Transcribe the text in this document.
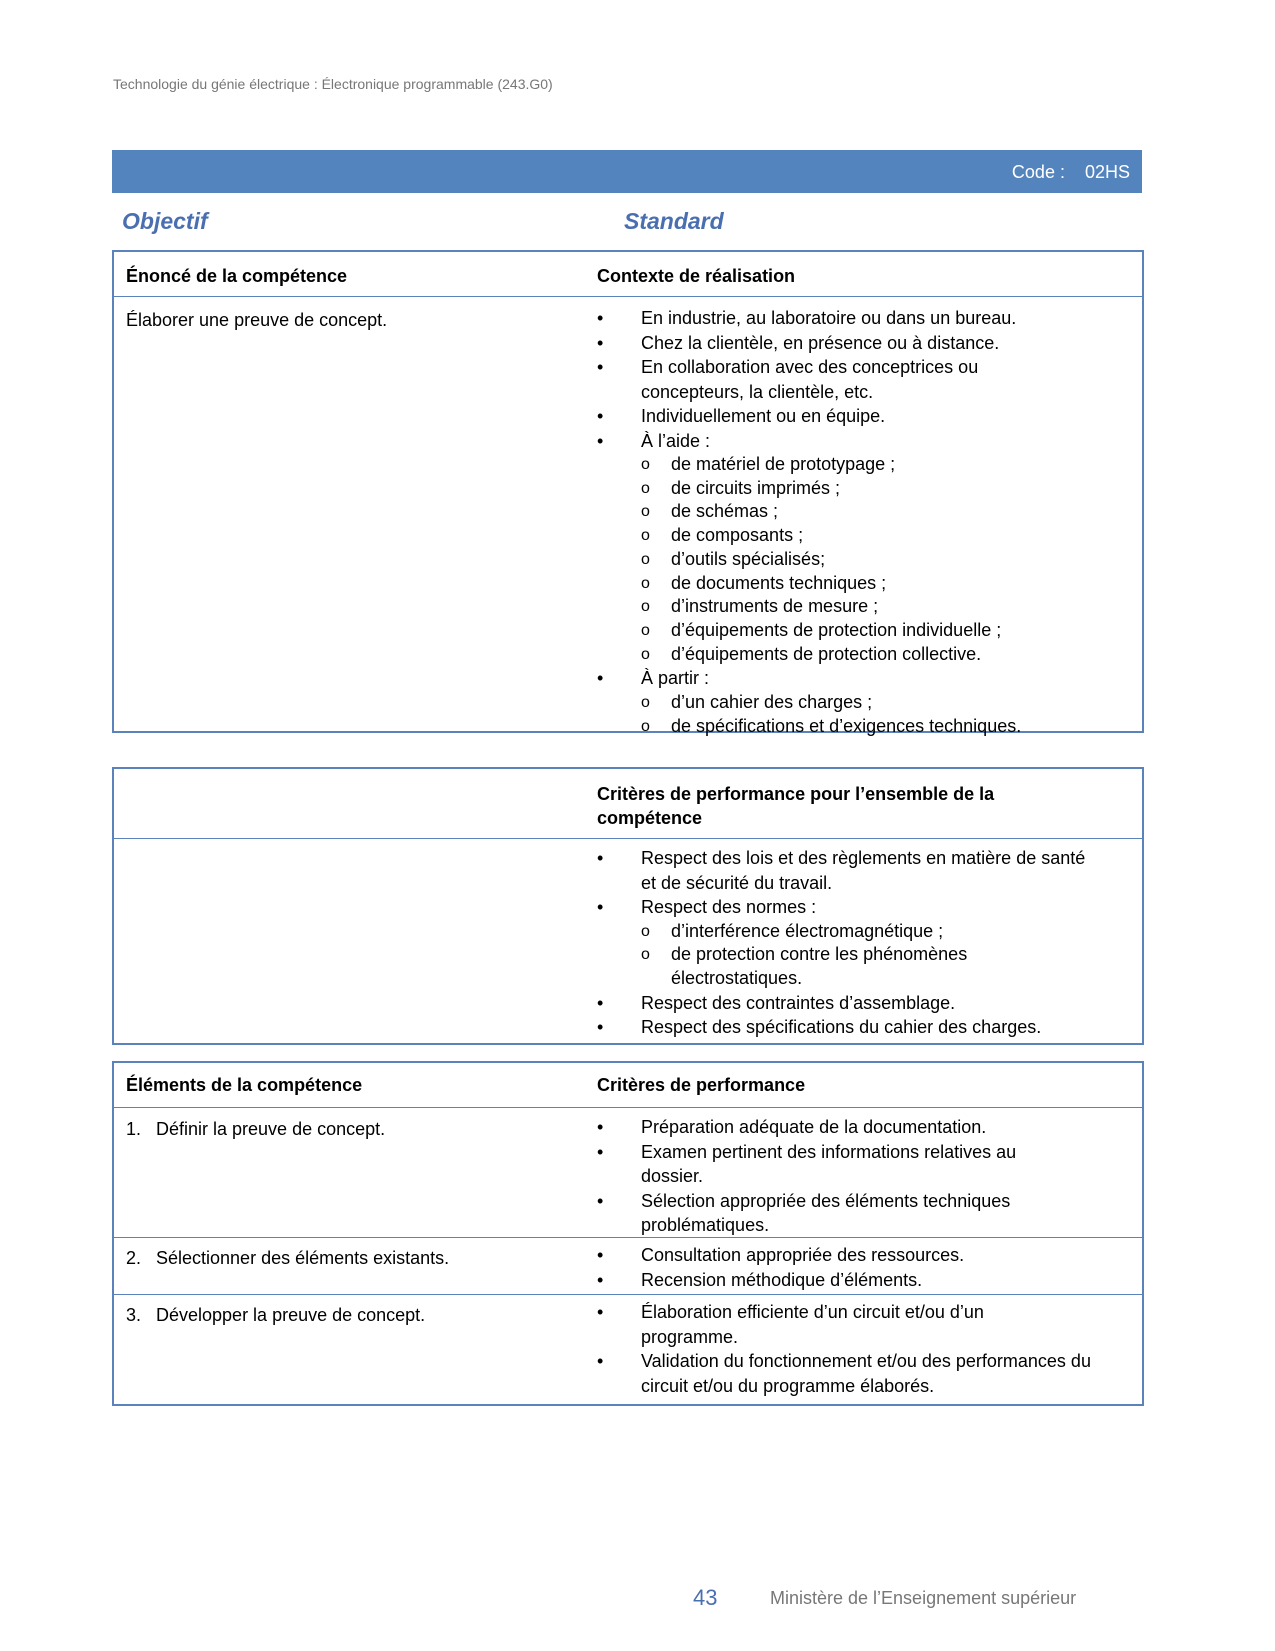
Technologie du génie électrique : Électronique programmable (243.G0)
Code : 02HS
Objectif	Standard
Énoncé de la compétence	Contexte de réalisation
Élaborer une preuve de concept.	• En industrie, au laboratoire ou dans un bureau.
• Chez la clientèle, en présence ou à distance.
• En collaboration avec des conceptrices ou concepteurs, la clientèle, etc.
• Individuellement ou en équipe.
• À l’aide :
o de matériel de prototypage ;
o de circuits imprimés ;
o de schémas ;
o de composants ;
o d’outils spécialisés;
o de documents techniques ;
o d’instruments de mesure ;
o d’équipements de protection individuelle ;
o d’équipements de protection collective.
• À partir :
o d’un cahier des charges ;
o de spécifications et d’exigences techniques.
Critères de performance pour l’ensemble de la compétence
• Respect des lois et des règlements en matière de santé et de sécurité du travail.
• Respect des normes :
o d’interférence électromagnétique ;
o de protection contre les phénomènes électrostatiques.
• Respect des contraintes d’assemblage.
• Respect des spécifications du cahier des charges.
Éléments de la compétence	Critères de performance
1. Définir la preuve de concept.	• Préparation adéquate de la documentation.
• Examen pertinent des informations relatives au dossier.
• Sélection appropriée des éléments techniques problématiques.
2. Sélectionner des éléments existants.	• Consultation appropriée des ressources.
• Recension méthodique d’éléments.
3. Développer la preuve de concept.	• Élaboration efficiente d’un circuit et/ou d’un programme.
• Validation du fonctionnement et/ou des performances du circuit et/ou du programme élaborés.
43	Ministère de l’Enseignement supérieur
